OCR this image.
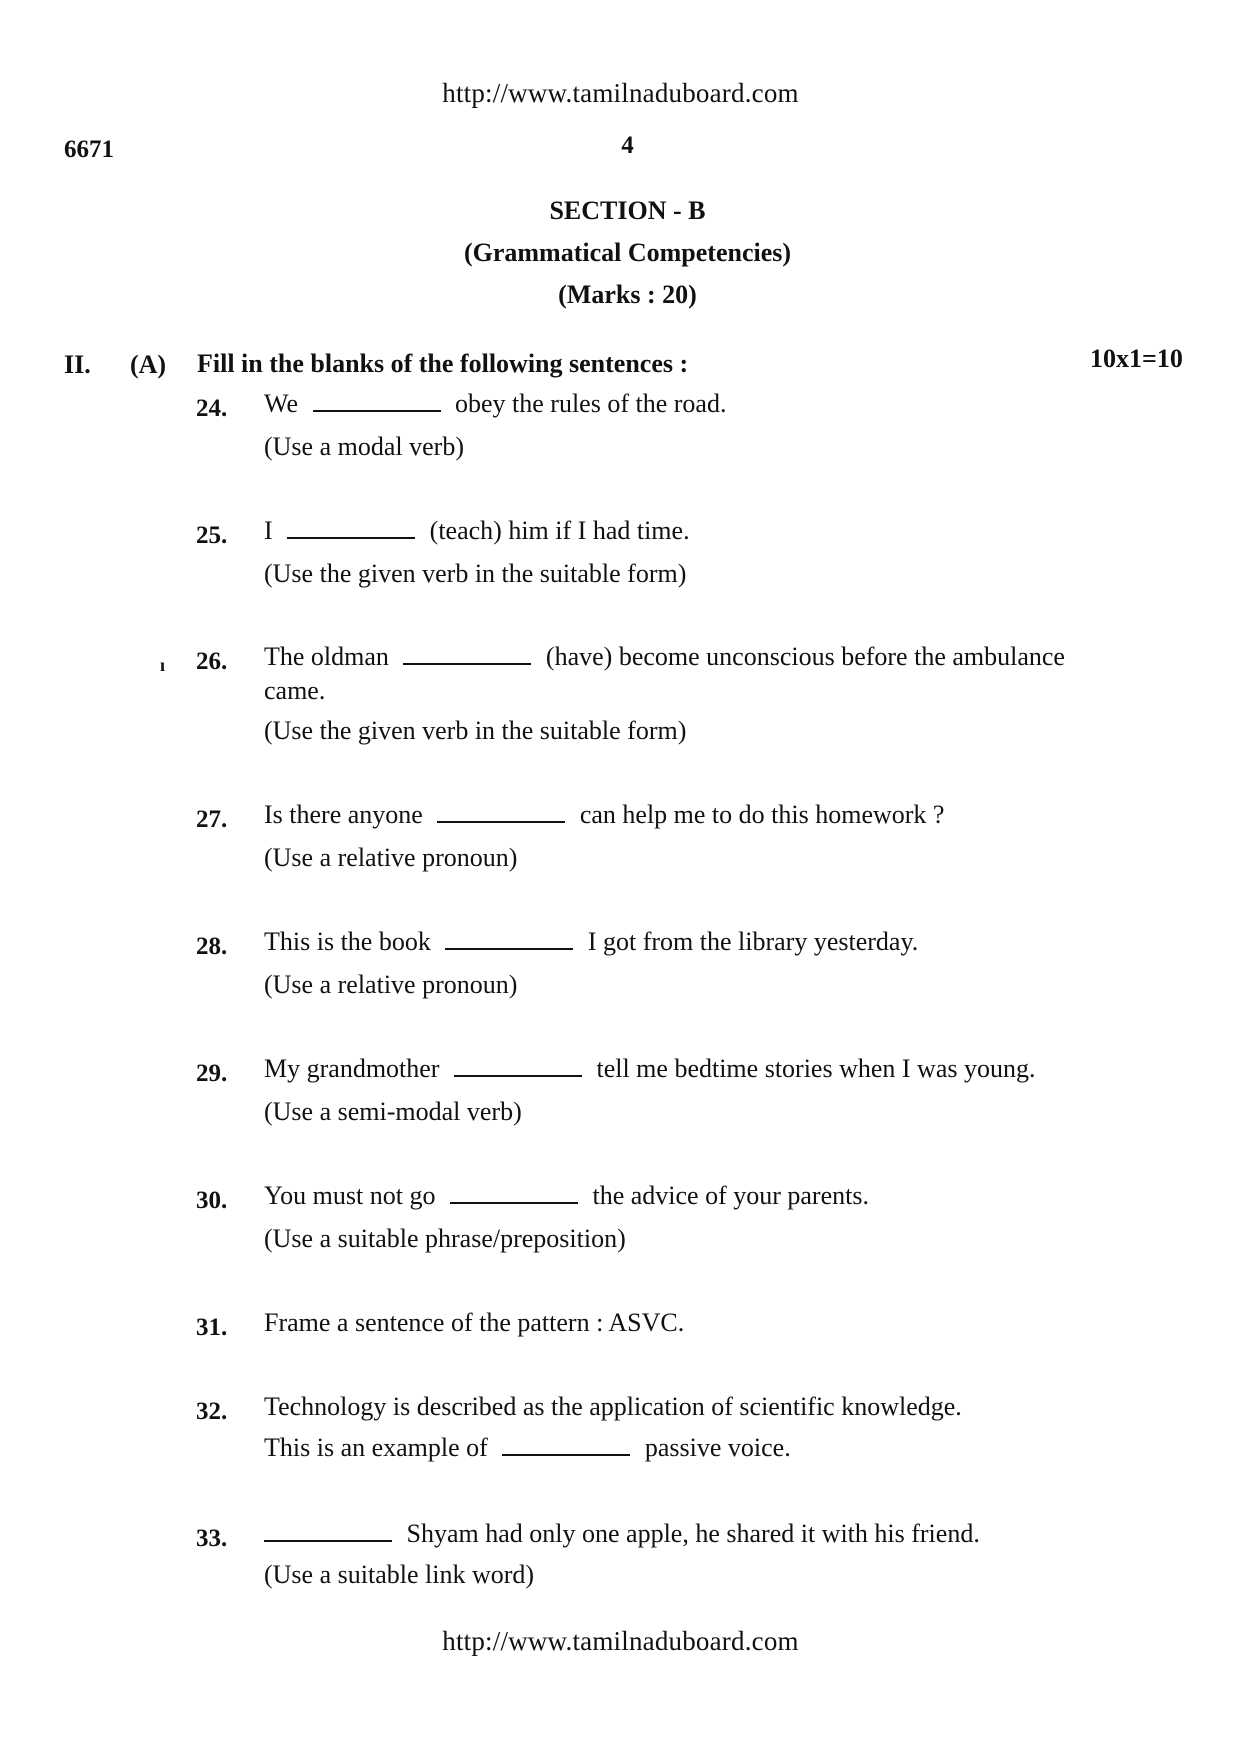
http://www.tamilnaduboard.com
6671	4
SECTION - B
(Grammatical Competencies)
(Marks : 20)
II. (A) Fill in the blanks of the following sentences :	10x1=10
24. We	obey the rules of the road.
(Use a modal verb)
25. I	(teach) him if I had time.
(Use the given verb in the suitable form)
ı 26. The oldman	(have) become unconscious before the ambulance
came.
(Use the given verb in the suitable form)
27. Is there anyone	can help me to do this homework ?
(Use a relative pronoun)
28. This is the book	I got from the library yesterday.
(Use a relative pronoun)
29. My grandmother	tell me bedtime stories when I was young.
(Use a semi-modal verb)
30. You must not go	the advice of your parents.
(Use a suitable phrase/preposition)
31. Frame a sentence of the pattern : ASVC.
32. Technology is described as the application of scientific knowledge.
This is an example of	passive voice.
33.	Shyam had only one apple, he shared it with his friend.
(Use a suitable link word)
http://www.tamilnaduboard.com
